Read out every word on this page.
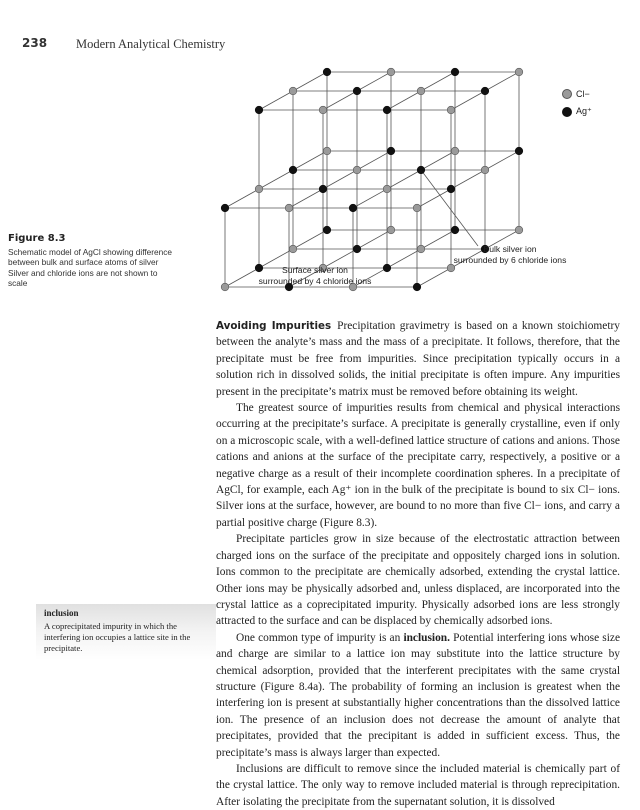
238 Modern Analytical Chemistry
Cl−
Ag⁺
Bulk silver ion
surrounded by 6 chloride ions
Surface silver ion
surrounded by 4 chloride ions
Figure 8.3
Schematic model of AgCl showing difference between bulk and surface atoms of silver Silver and chloride ions are not shown to scale
inclusion
A coprecipitated impurity in which the interfering ion occupies a lattice site in the precipitate.

Avoiding Impurities Precipitation gravimetry is based on a known stoichiometry between the analyte’s mass and the mass of a precipitate. It follows, therefore, that the precipitate must be free from impurities. Since precipitation typically occurs in a solution rich in dissolved solids, the initial precipitate is often impure. Any impurities present in the precipitate’s matrix must be removed before obtaining its weight.

The greatest source of impurities results from chemical and physical interactions occurring at the precipitate’s surface. A precipitate is generally crystalline, even if only on a microscopic scale, with a well-defined lattice structure of cations and anions. Those cations and anions at the surface of the precipitate carry, respectively, a positive or a negative charge as a result of their incomplete coordination spheres. In a precipitate of AgCl, for example, each Ag⁺ ion in the bulk of the precipitate is bound to six Cl− ions. Silver ions at the surface, however, are bound to no more than five Cl− ions, and carry a partial positive charge (Figure 8.3).

Precipitate particles grow in size because of the electrostatic attraction between charged ions on the surface of the precipitate and oppositely charged ions in solution. Ions common to the precipitate are chemically adsorbed, extending the crystal lattice. Other ions may be physically adsorbed and, unless displaced, are incorporated into the crystal lattice as a coprecipitated impurity. Physically adsorbed ions are less strongly attracted to the surface and can be displaced by chemically adsorbed ions.

One common type of impurity is an inclusion. Potential interfering ions whose size and charge are similar to a lattice ion may substitute into the lattice structure by chemical adsorption, provided that the interferent precipitates with the same crystal structure (Figure 8.4a). The probability of forming an inclusion is greatest when the interfering ion is present at substantially higher concentrations than the dissolved lattice ion. The presence of an inclusion does not decrease the amount of analyte that precipitates, provided that the precipitant is added in sufficient excess. Thus, the precipitate’s mass is always larger than expected.

Inclusions are difficult to remove since the included material is chemically part of the crystal lattice. The only way to remove included material is through reprecipitation. After isolating the precipitate from the supernatant solution, it is dissolved
